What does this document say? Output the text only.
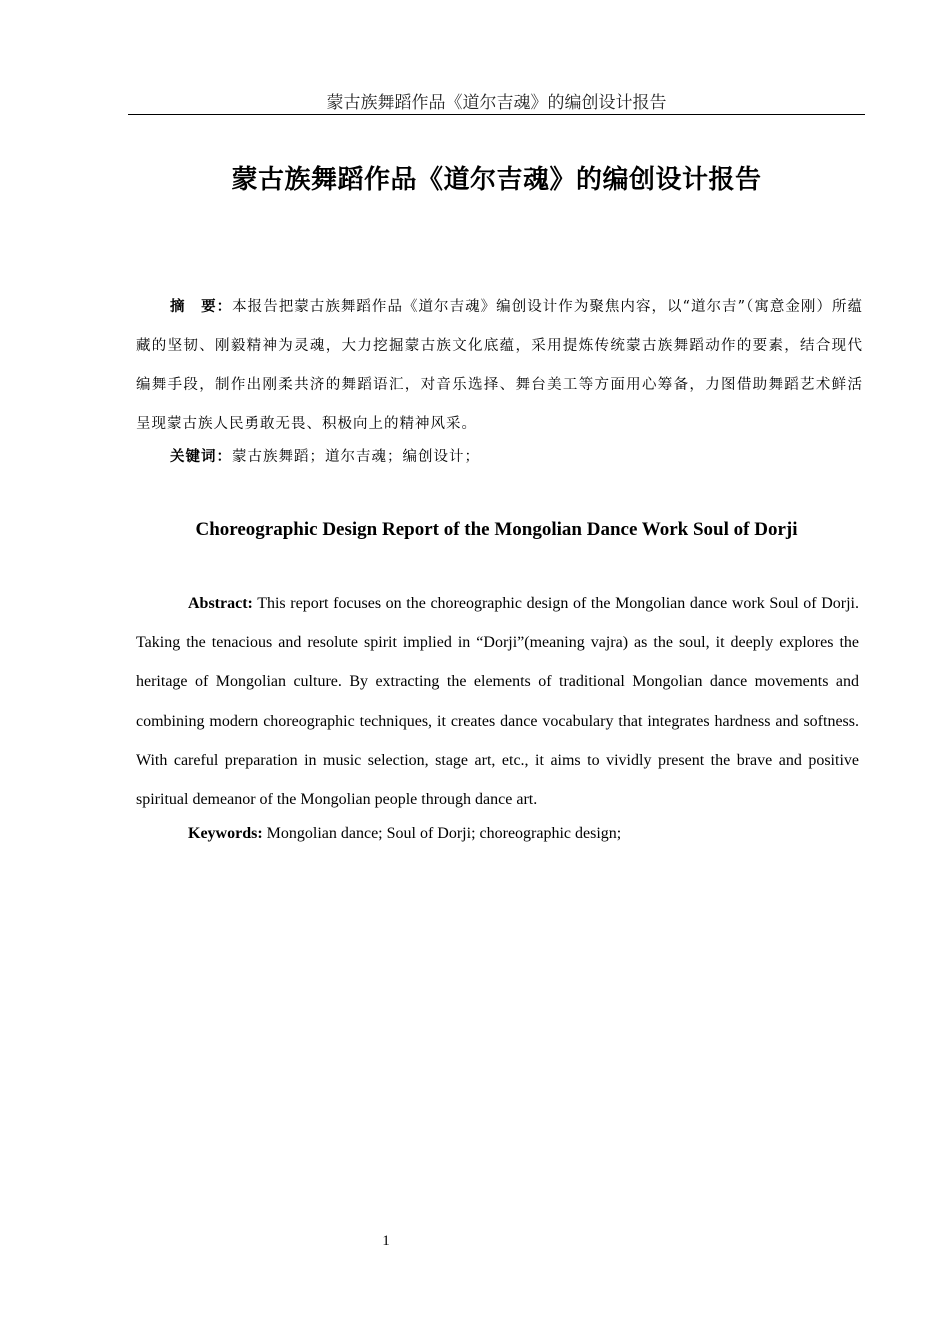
蒙古族舞蹈作品《道尔吉魂》的编创设计报告
蒙古族舞蹈作品《道尔吉魂》的编创设计报告

摘　要：本报告把蒙古族舞蹈作品《道尔吉魂》编创设计作为聚焦内容，以“道尔吉”（寓意金刚）所蕴藏的坚韧、刚毅精神为灵魂，大力挖掘蒙古族文化底蕴，采用提炼传统蒙古族舞蹈动作的要素，结合现代编舞手段，制作出刚柔共济的舞蹈语汇，对音乐选择、舞台美工等方面用心筹备，力图借助舞蹈艺术鲜活呈现蒙古族人民勇敢无畏、积极向上的精神风采。

关键词：蒙古族舞蹈；道尔吉魂；编创设计；

Choreographic Design Report of the Mongolian Dance Work Soul of Dorji

Abstract: This report focuses on the choreographic design of the Mongolian dance work Soul of Dorji. Taking the tenacious and resolute spirit implied in “Dorji”(meaning vajra) as the soul, it deeply explores the heritage of Mongolian culture. By extracting the elements of traditional Mongolian dance movements and combining modern choreographic techniques, it creates dance vocabulary that integrates hardness and softness. With careful preparation in music selection, stage art, etc., it aims to vividly present the brave and positive spiritual demeanor of the Mongolian people through dance art.

Keywords: Mongolian dance; Soul of Dorji; choreographic design;

1
